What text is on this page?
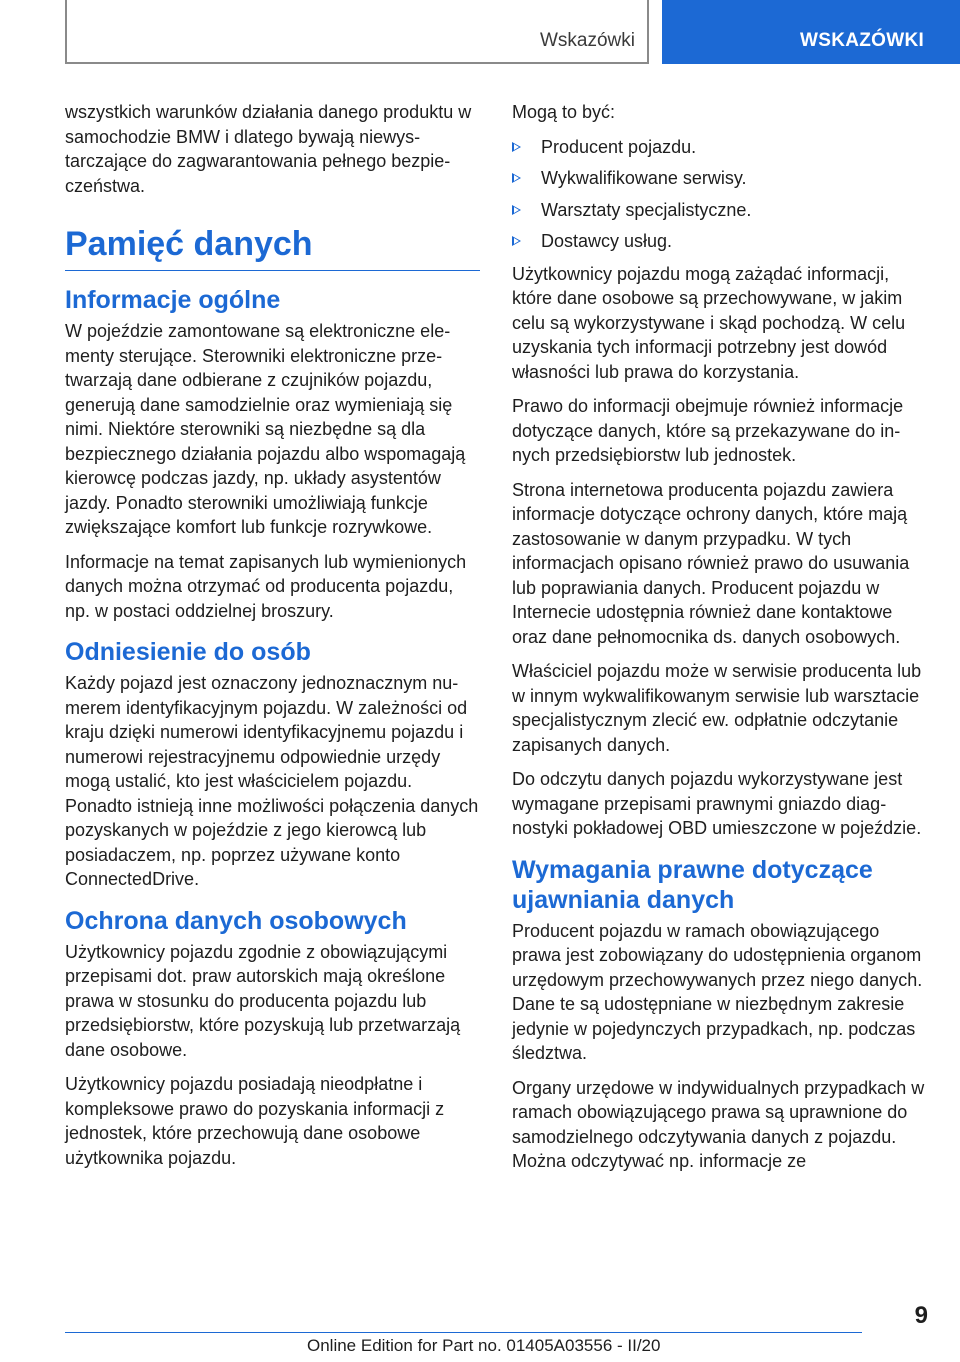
Wskazówki	WSKAZÓWKI

wszystkich warunków działania danego produktu w samochodzie BMW i dlatego bywają niewystarczające do zagwarantowania pełnego bezpieczeństwa.

Pamięć danych
Informacje ogólne

W pojeździe zamontowane są elektroniczne elementy sterujące. Sterowniki elektroniczne przetwarzają dane odbierane z czujników pojazdu, generują dane samodzielnie oraz wymieniają się nimi. Niektóre sterowniki są niezbędne są dla bezpiecznego działania pojazdu albo wspomagają kierowcę podczas jazdy, np. układy asystentów jazdy. Ponadto sterowniki umożliwiają funkcje zwiększające komfort lub funkcje rozrywkowe.

Informacje na temat zapisanych lub wymienionych danych można otrzymać od producenta pojazdu, np. w postaci oddzielnej broszury.

Odniesienie do osób

Każdy pojazd jest oznaczony jednoznacznym numerem identyfikacyjnym pojazdu. W zależności od kraju dzięki numerowi identyfikacyjnemu pojazdu i numerowi rejestracyjnemu odpowiednie urzędy mogą ustalić, kto jest właścicielem pojazdu. Ponadto istnieją inne możliwości połączenia danych pozyskanych w pojeździe z jego kierowcą lub posiadaczem, np. poprzez używane konto ConnectedDrive.

Ochrona danych osobowych

Użytkownicy pojazdu zgodnie z obowiązującymi przepisami dot. praw autorskich mają określone prawa w stosunku do producenta pojazdu lub przedsiębiorstw, które pozyskują lub przetwarzają dane osobowe.

Użytkownicy pojazdu posiadają nieodpłatne i kompleksowe prawo do pozyskania informacji z jednostek, które przechowują dane osobowe użytkownika pojazdu.

Mogą to być:

Producent pojazdu.
Wykwalifikowane serwisy.
Warsztaty specjalistyczne.
Dostawcy usług.

Użytkownicy pojazdu mogą zażądać informacji, które dane osobowe są przechowywane, w jakim celu są wykorzystywane i skąd pochodzą. W celu uzyskania tych informacji potrzebny jest dowód własności lub prawa do korzystania.

Prawo do informacji obejmuje również informacje dotyczące danych, które są przekazywane do innych przedsiębiorstw lub jednostek.

Strona internetowa producenta pojazdu zawiera informacje dotyczące ochrony danych, które mają zastosowanie w danym przypadku. W tych informacjach opisano również prawo do usuwania lub poprawiania danych. Producent pojazdu w Internecie udostępnia również dane kontaktowe oraz dane pełnomocnika ds. danych osobowych.

Właściciel pojazdu może w serwisie producenta lub w innym wykwalifikowanym serwisie lub warsztacie specjalistycznym zlecić ew. odpłatnie odczytanie zapisanych danych.

Do odczytu danych pojazdu wykorzystywane jest wymagane przepisami prawnymi gniazdo diagnostyki pokładowej OBD umieszczone w pojeździe.

Wymagania prawne dotyczące ujawniania danych

Producent pojazdu w ramach obowiązującego prawa jest zobowiązany do udostępnienia organom urzędowym przechowywanych przez niego danych. Dane te są udostępniane w niezbędnym zakresie jedynie w pojedynczych przypadkach, np. podczas śledztwa.

Organy urzędowe w indywidualnych przypadkach w ramach obowiązującego prawa są uprawnione do samodzielnego odczytywania danych z pojazdu. Można odczytywać np. informacje ze

9
Online Edition for Part no. 01405A03556 - II/20
